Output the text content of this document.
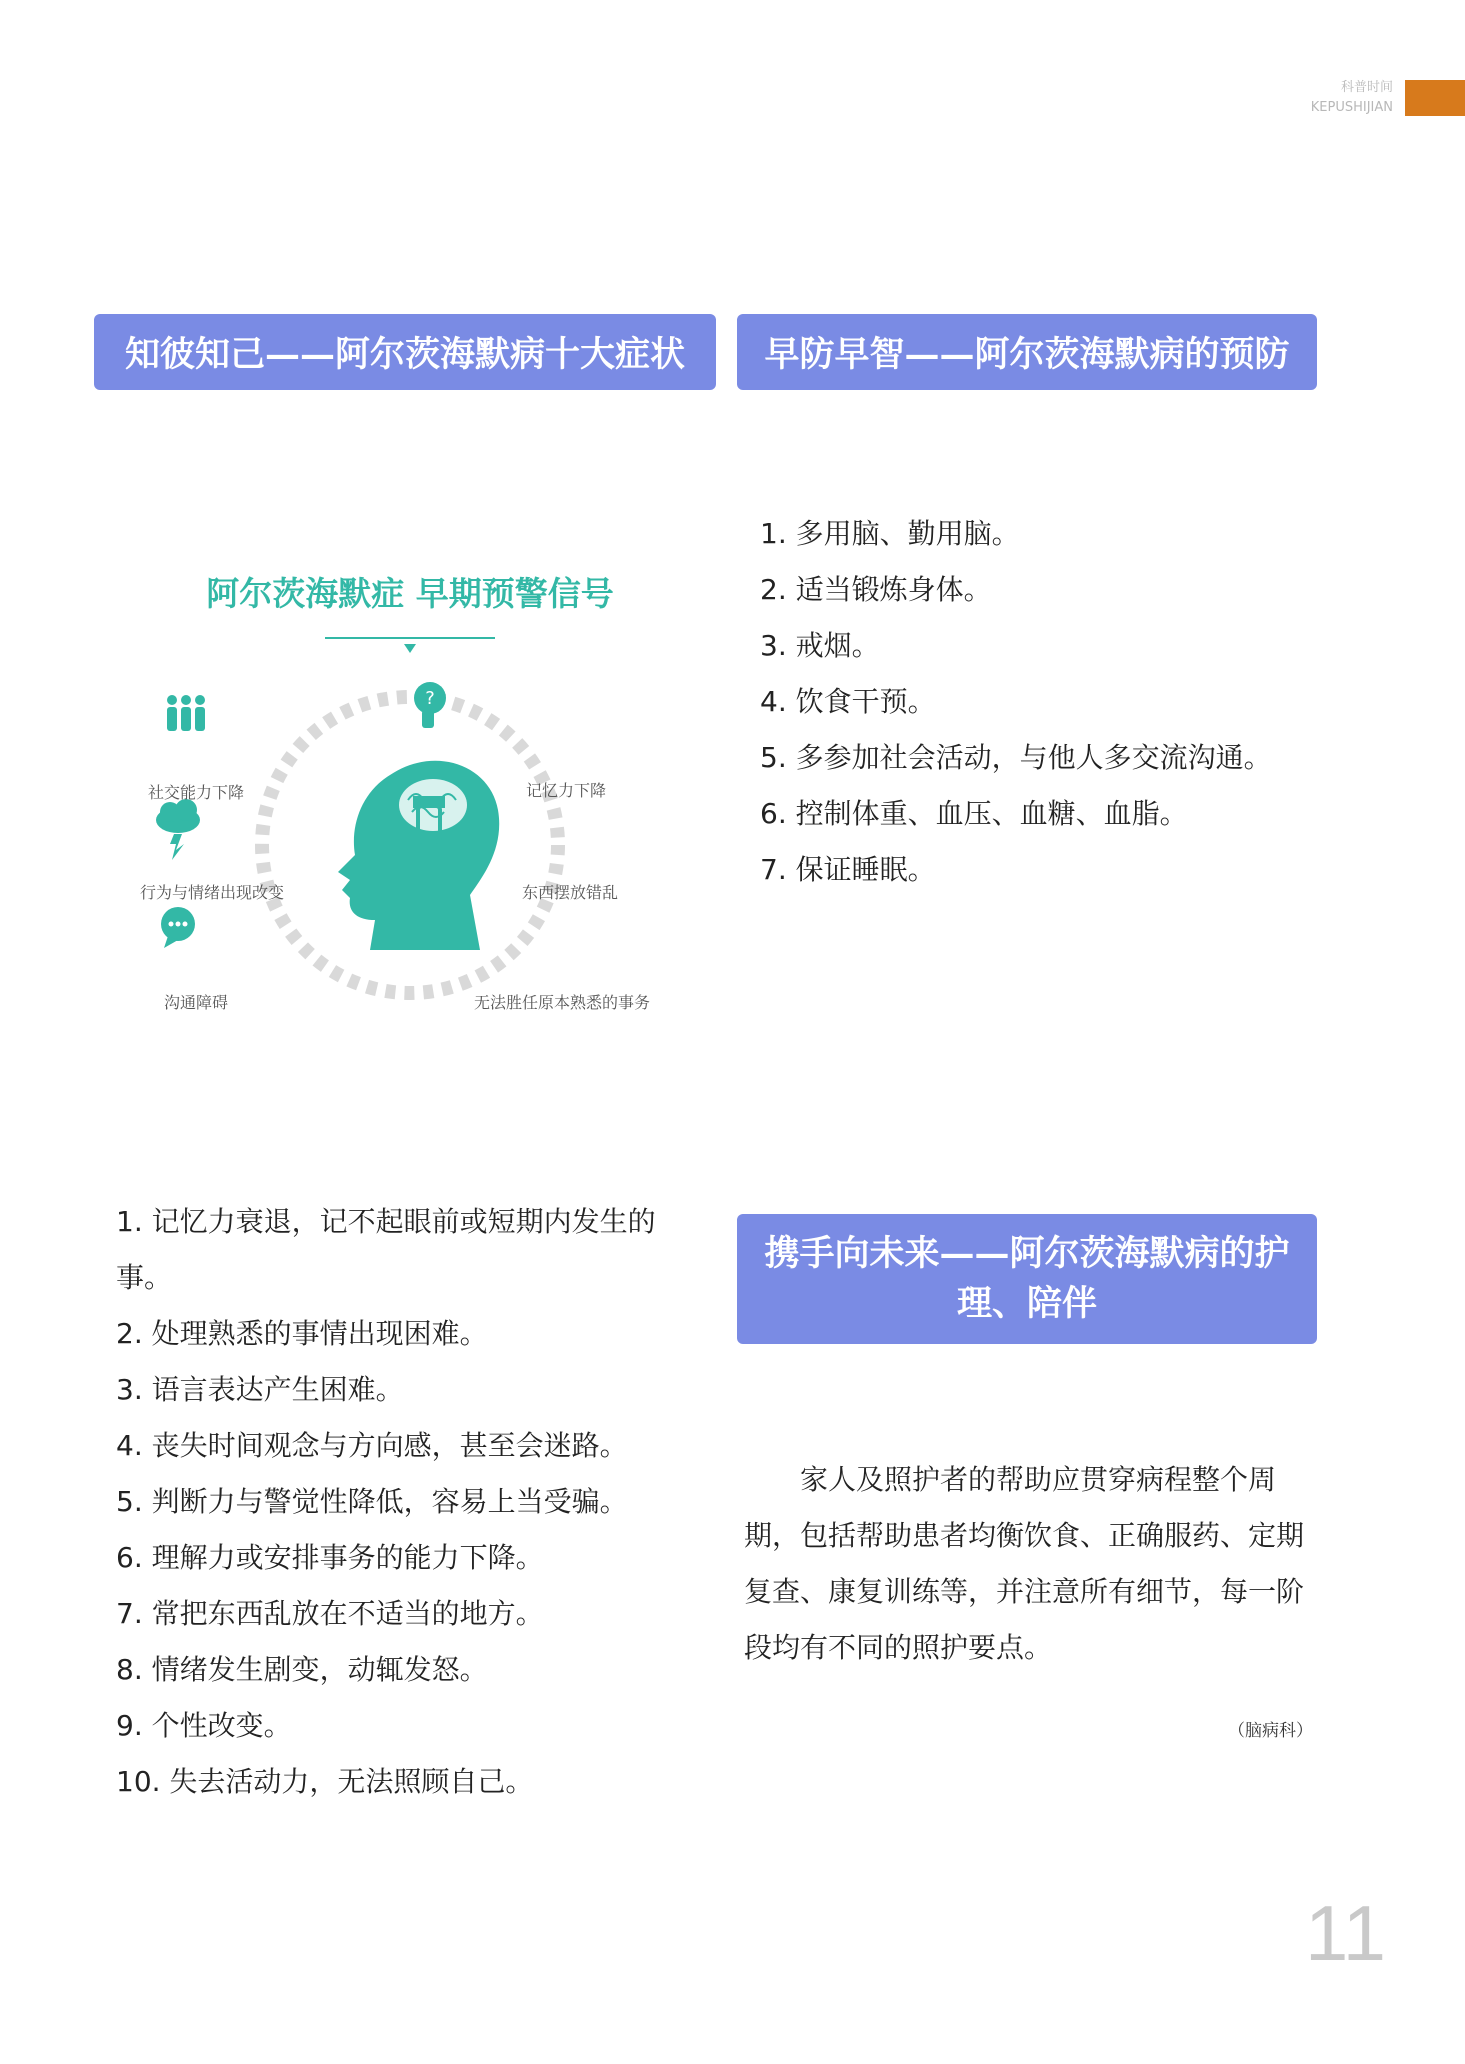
科普时间
KEPUSHIJIAN
知彼知己——阿尔茨海默病十大症状	早防早智——阿尔茨海默病的预防
阿尔茨海默症 早期预警信号
?
社交能力下降	记忆力下降
行为与情绪出现改变	东西摆放错乱
沟通障碍	无法胜任原本熟悉的事务
1. 多用脑、勤用脑。
2. 适当锻炼身体。
3. 戒烟。
4. 饮食干预。
5. 多参加社会活动，与他人多交流沟通。
6. 控制体重、血压、血糖、血脂。
7. 保证睡眠。
1. 记忆力衰退，记不起眼前或短期内发生的事。
2. 处理熟悉的事情出现困难。
3. 语言表达产生困难。
4. 丧失时间观念与方向感，甚至会迷路。
5. 判断力与警觉性降低，容易上当受骗。
6. 理解力或安排事务的能力下降。
7. 常把东西乱放在不适当的地方。
8. 情绪发生剧变，动辄发怒。
9. 个性改变。
10. 失去活动力，无法照顾自己。
携手向未来——阿尔茨海默病的护理、陪伴

家人及照护者的帮助应贯穿病程整个周期，包括帮助患者均衡饮食、正确服药、定期复查、康复训练等，并注意所有细节，每一阶段均有不同的照护要点。

（脑病科）
11
